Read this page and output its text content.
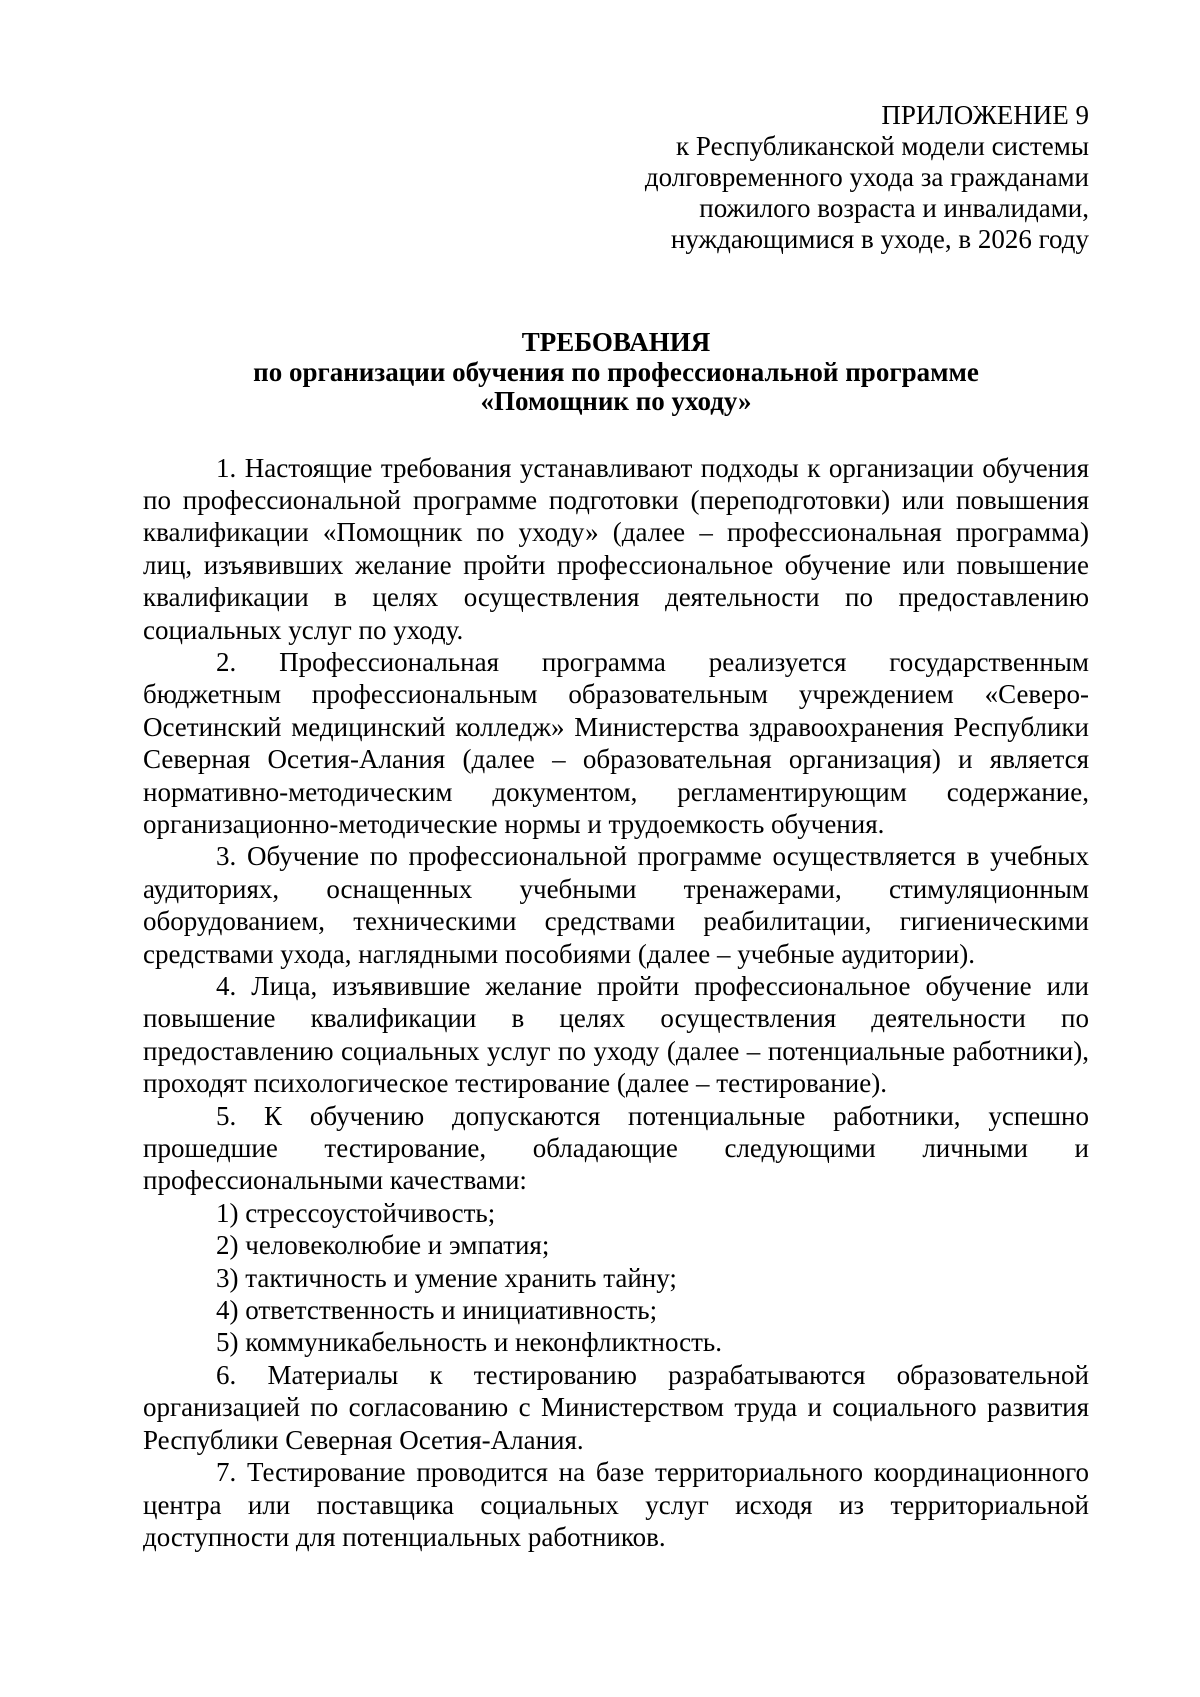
ПРИЛОЖЕНИЕ 9
к Республиканской модели системы
долговременного ухода за гражданами
пожилого возраста и инвалидами,
нуждающимися в уходе, в 2026 году
ТРЕБОВАНИЯ
по организации обучения по профессиональной программе
«Помощник по уходу»

1. Настоящие требования устанавливают подходы к организации обучения по профессиональной программе подготовки (переподготовки) или повышения квалификации «Помощник по уходу» (далее – профессиональная программа) лиц, изъявивших желание пройти профессиональное обучение или повышение квалификации в целях осуществления деятельности по предоставлению социальных услуг по уходу.

2. Профессиональная программа реализуется государственным бюджетным профессиональным образовательным учреждением «Северо-Осетинский медицинский колледж» Министерства здравоохранения Республики Северная Осетия-Алания (далее – образовательная организация) и является нормативно-методическим документом, регламентирующим содержание, организационно-методические нормы и трудоемкость обучения.

3. Обучение по профессиональной программе осуществляется в учебных аудиториях, оснащенных учебными тренажерами, стимуляционным оборудованием, техническими средствами реабилитации, гигиеническими средствами ухода, наглядными пособиями (далее – учебные аудитории).

4. Лица, изъявившие желание пройти профессиональное обучение или повышение квалификации в целях осуществления деятельности по предоставлению социальных услуг по уходу (далее – потенциальные работники), проходят психологическое тестирование (далее – тестирование).

5. К обучению допускаются потенциальные работники, успешно прошедшие тестирование, обладающие следующими личными и профессиональными качествами:

1) стрессоустойчивость;

2) человеколюбие и эмпатия;

3) тактичность и умение хранить тайну;

4) ответственность и инициативность;

5) коммуникабельность и неконфликтность.

6. Материалы к тестированию разрабатываются образовательной организацией по согласованию с Министерством труда и социального развития Республики Северная Осетия-Алания.

7. Тестирование проводится на базе территориального координационного центра или поставщика социальных услуг исходя из территориальной доступности для потенциальных работников.
